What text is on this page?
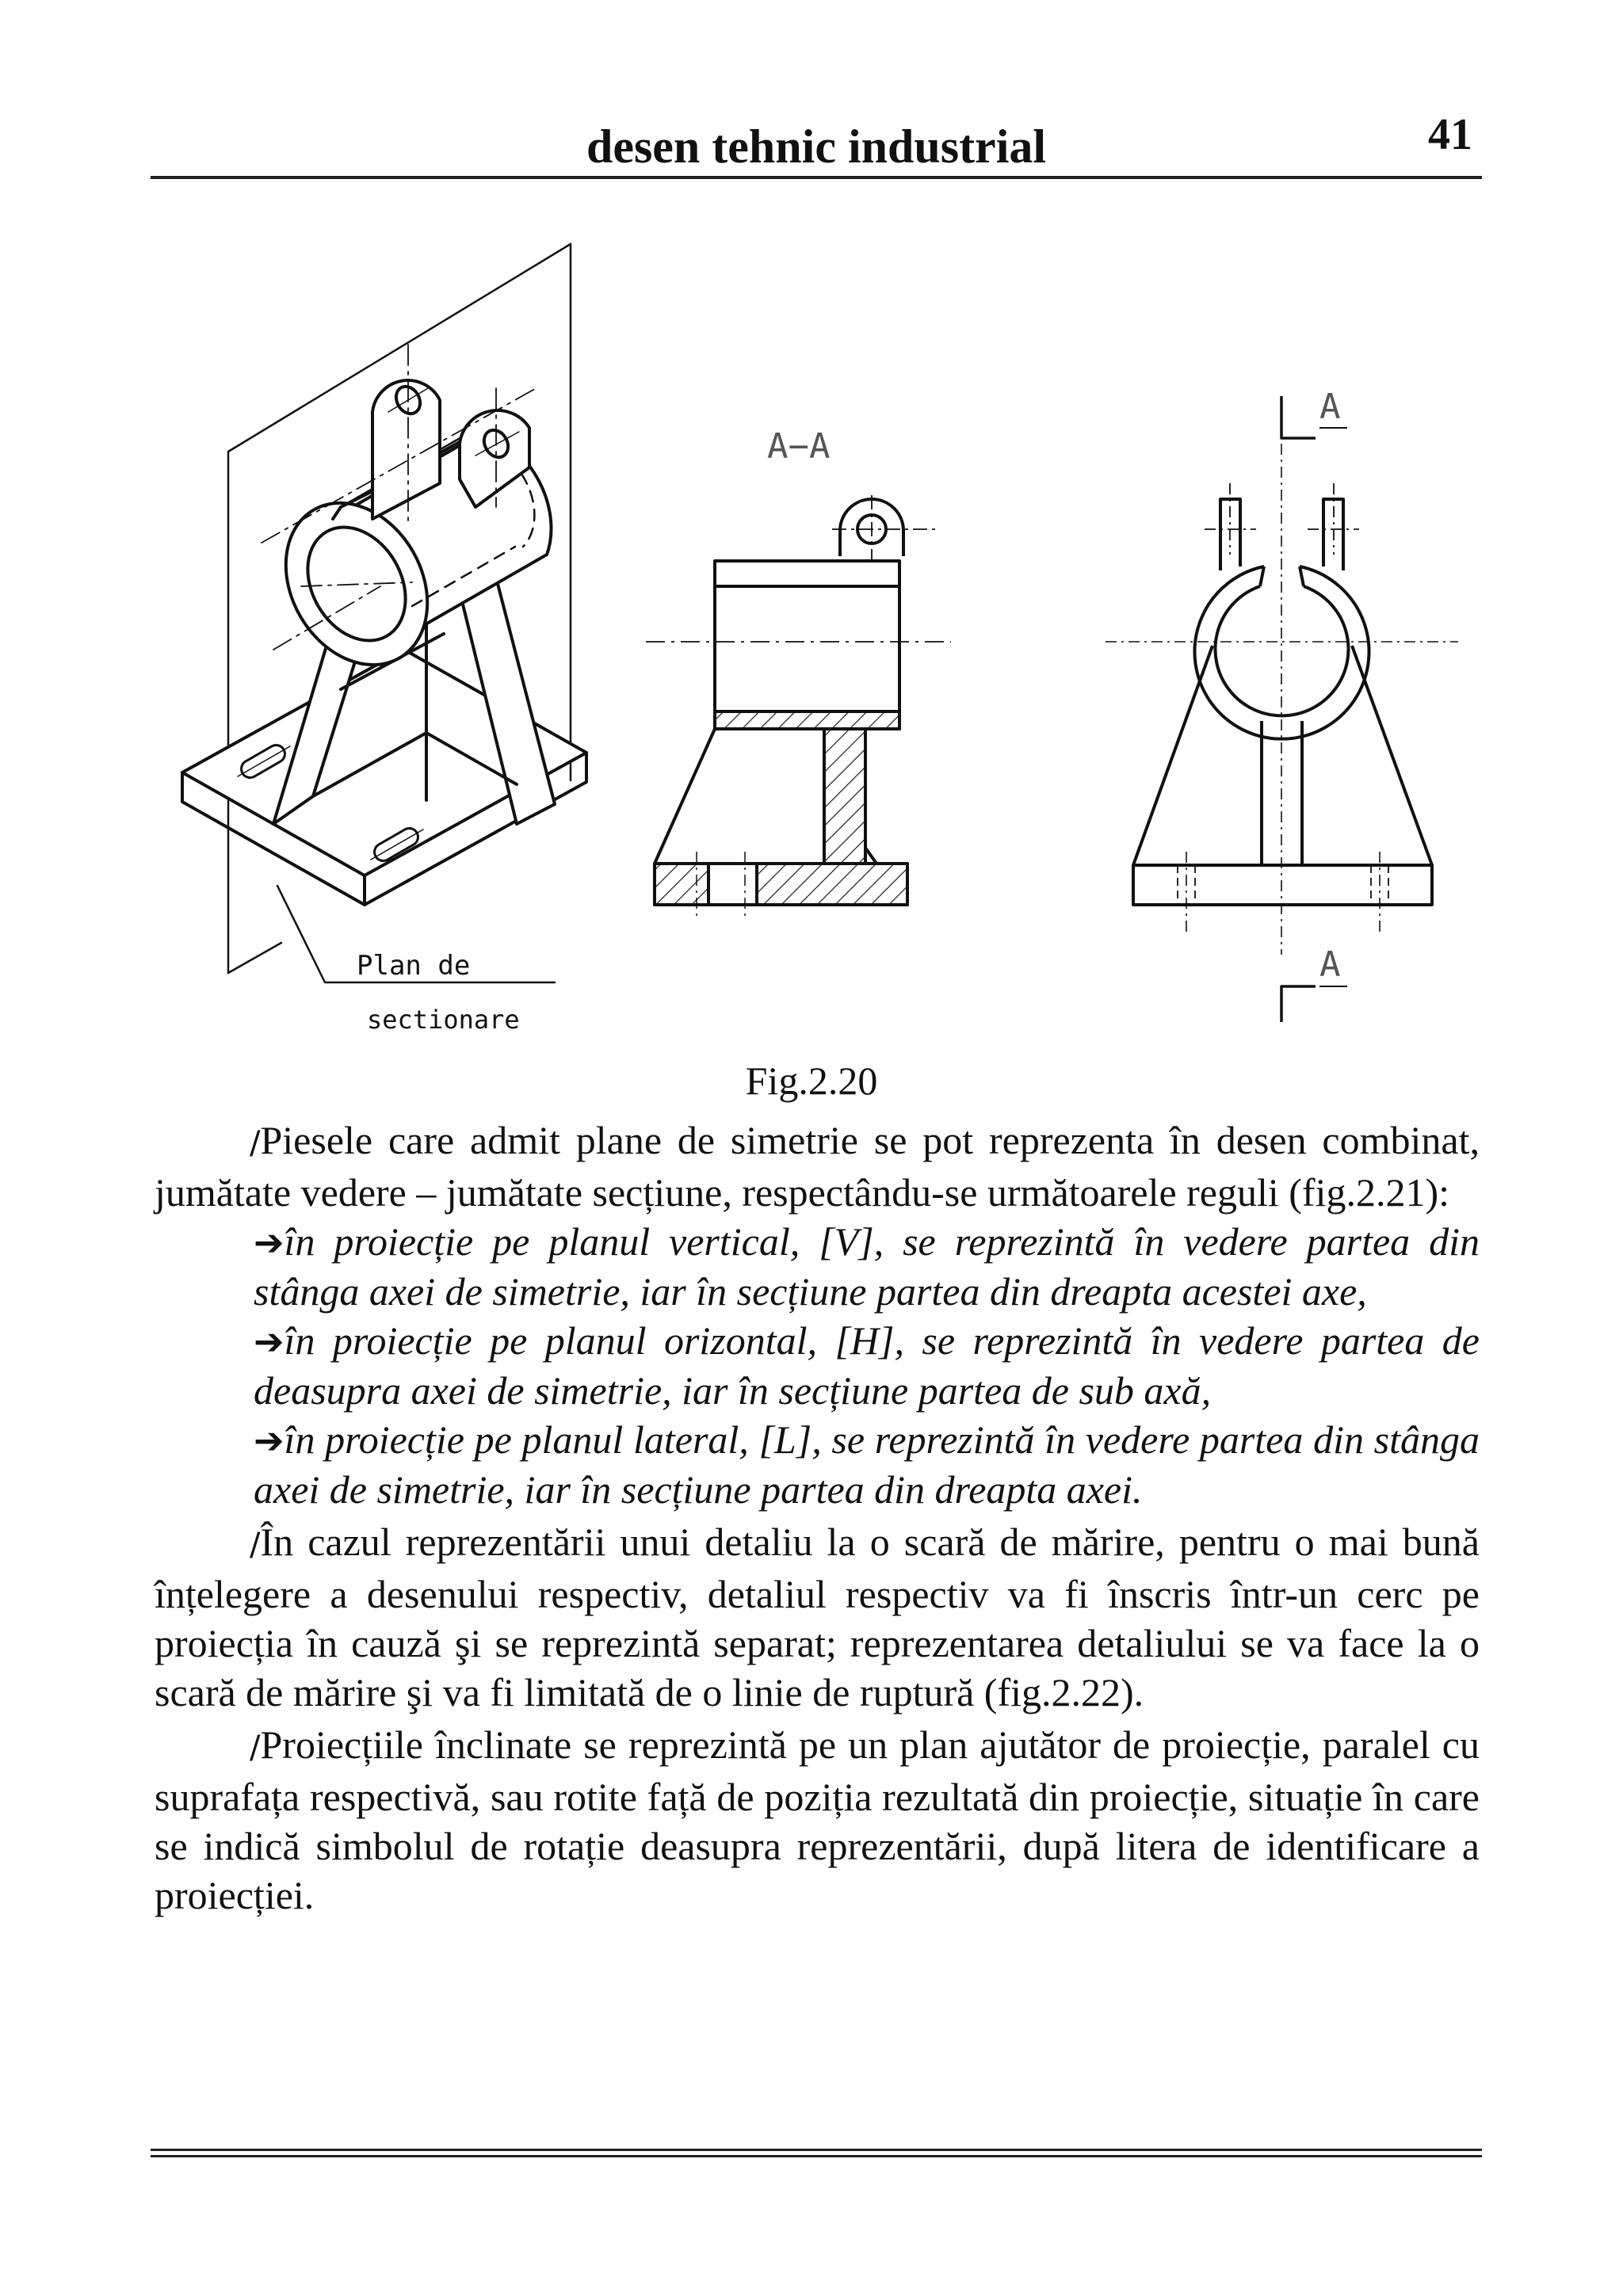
desen tehnic industrial	41
Plan de
sectionare
A−A
A
A
Fig.2.20

/Piesele care admit plane de simetrie se pot reprezenta în desen combinat, jumătate vedere – jumătate secțiune, respectându-se următoarele reguli (fig.2.21):

➔în proiecție pe planul vertical, [V], se reprezintă în vedere partea din stânga axei de simetrie, iar în secțiune partea din dreapta acestei axe,

➔în proiecție pe planul orizontal, [H], se reprezintă în vedere partea de deasupra axei de simetrie, iar în secțiune partea de sub axă,

➔în proiecție pe planul lateral, [L], se reprezintă în vedere partea din stânga axei de simetrie, iar în secțiune partea din dreapta axei.

/În cazul reprezentării unui detaliu la o scară de mărire, pentru o mai bună înțelegere a desenului respectiv, detaliul respectiv va fi înscris într-un cerc pe proiecția în cauză şi se reprezintă separat; reprezentarea detaliului se va face la o scară de mărire şi va fi limitată de o linie de ruptură (fig.2.22).

/Proiecțiile înclinate se reprezintă pe un plan ajutător de proiecție, paralel cu suprafața respectivă, sau rotite față de poziția rezultată din proiecție, situație în care se indică simbolul de rotație deasupra reprezentării, după litera de identificare a proiecției.
